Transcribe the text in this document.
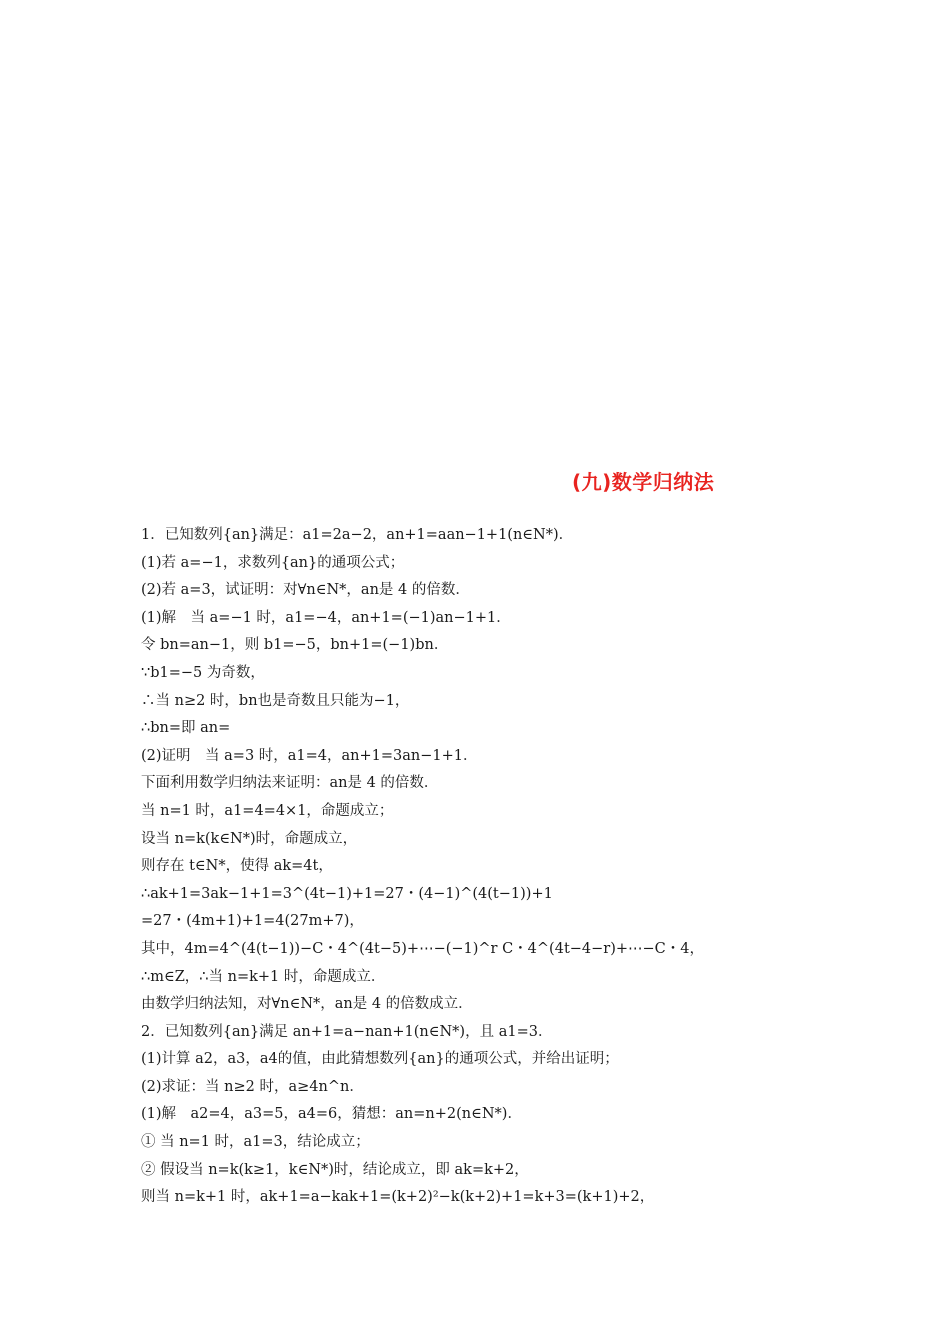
(九)数学归纳法
1．已知数列{an}满足：a1=2a−2，an+1=aan−1+1(n∈N*)．
(1)若 a=−1，求数列{an}的通项公式；
(2)若 a=3，试证明：对∀n∈N*，an是 4 的倍数．
(1)解　当 a=−1 时，a1=−4，an+1=(−1)an−1+1．
令 bn=an−1，则 b1=−5，bn+1=(−1)bn．
∵b1=−5 为奇数，
∴当 n≥2 时，bn也是奇数且只能为−1，
∴bn=即 an=
(2)证明　当 a=3 时，a1=4，an+1=3an−1+1．
下面利用数学归纳法来证明：an是 4 的倍数．
当 n=1 时，a1=4=4×1，命题成立；
设当 n=k(k∈N*)时，命题成立，
则存在 t∈N*，使得 ak=4t，
∴ak+1=3ak−1+1=3^(4t−1)+1=27・(4−1)^(4(t−1))+1
=27・(4m+1)+1=4(27m+7)，
其中，4m=4^(4(t−1))−C・4^(4t−5)+⋯−(−1)^r C・4^(4t−4−r)+⋯−C・4，
∴m∈Z，∴当 n=k+1 时，命题成立．
由数学归纳法知，对∀n∈N*，an是 4 的倍数成立．
2．已知数列{an}满足 an+1=a−nan+1(n∈N*)，且 a1=3．
(1)计算 a2，a3，a4的值，由此猜想数列{an}的通项公式，并给出证明；
(2)求证：当 n≥2 时，a≥4n^n．
(1)解　a2=4，a3=5，a4=6，猜想：an=n+2(n∈N*)．
① 当 n=1 时，a1=3，结论成立；
② 假设当 n=k(k≥1，k∈N*)时，结论成立，即 ak=k+2，
则当 n=k+1 时，ak+1=a−kak+1=(k+2)²−k(k+2)+1=k+3=(k+1)+2，
